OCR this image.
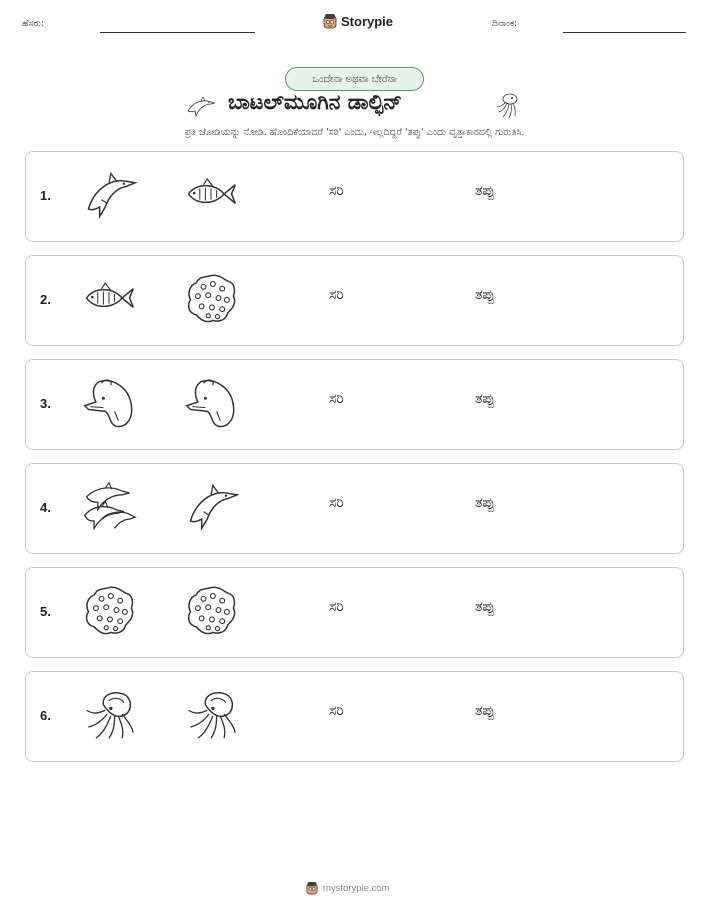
ಹೆಸರು:	Storypie	ದಿನಾಂಕ:
ಒಂದೇನಾ ಅಥವಾ ಬೇರೆನಾ
ಬಾಟಲ್‌ಮೂಗಿನ ಡಾಲ್ಫಿನ್
ಪ್ರತಿ ಜೋಡಿಯನ್ನು ನೋಡಿ. ಹೊಂದಿಕೆಯಾದರೆ 'ಸರಿ' ಎಂದು, ಇಲ್ಲದಿದ್ದರೆ 'ತಪ್ಪು' ಎಂದು ವೃತ್ತಾಕಾರದಲ್ಲಿ ಗುರುತಿಸಿ.
1.	ಸರಿ	ತಪ್ಪು
2.	ಸರಿ	ತಪ್ಪು
3.	ಸರಿ	ತಪ್ಪು
4.	ಸರಿ	ತಪ್ಪು
5.	ಸರಿ	ತಪ್ಪು
6.	ಸರಿ	ತಪ್ಪು
mystorypie.com
